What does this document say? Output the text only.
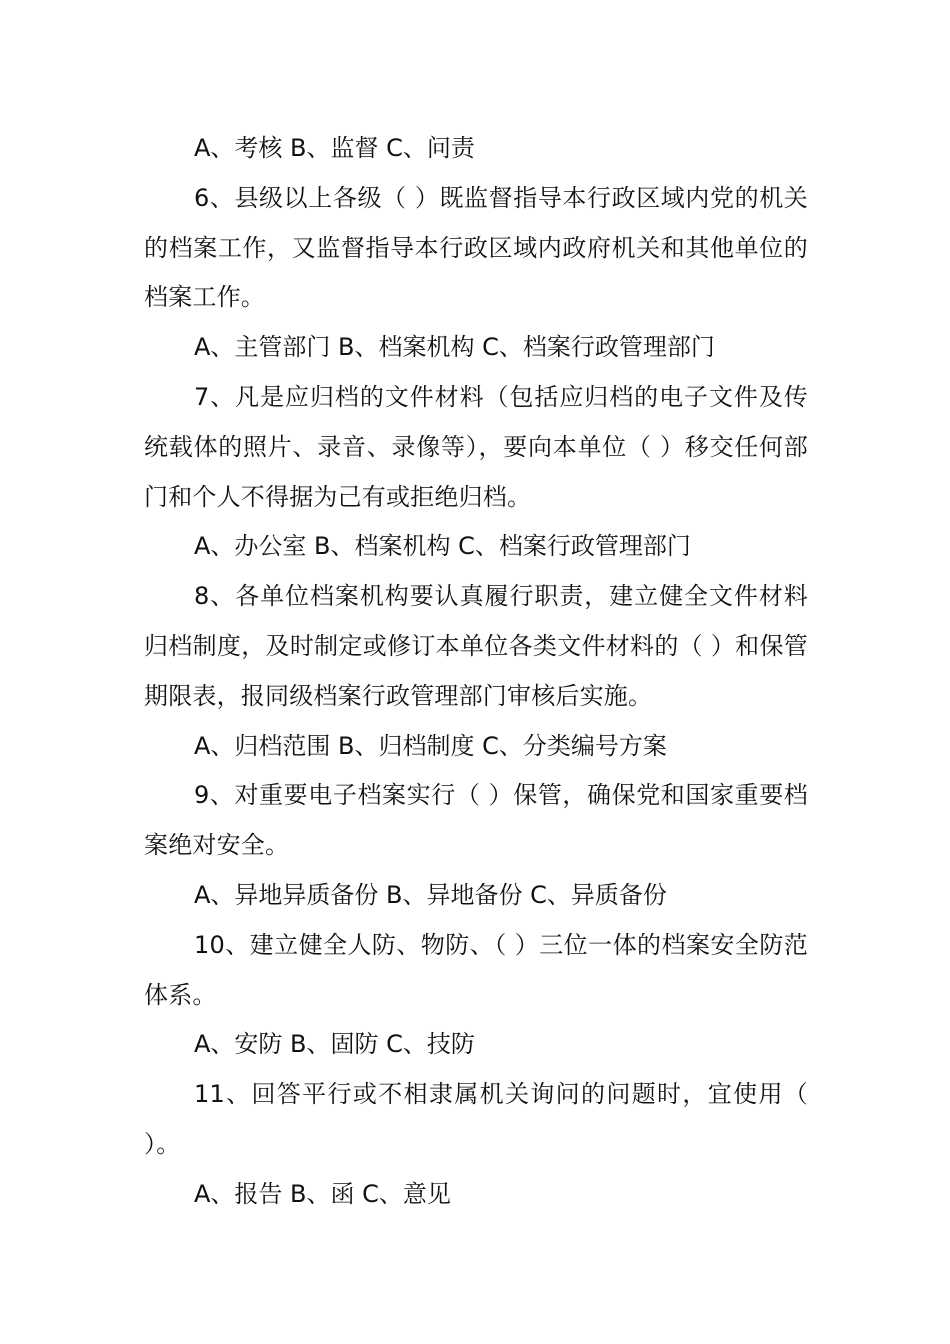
A、考核 B、监督 C、问责

6、县级以上各级（ ）既监督指导本行政区域内党的机关的档案工作，又监督指导本行政区域内政府机关和其他单位的档案工作。

A、主管部门 B、档案机构 C、档案行政管理部门

7、凡是应归档的文件材料（包括应归档的电子文件及传统载体的照片、录音、录像等），要向本单位（ ）移交任何部门和个人不得据为己有或拒绝归档。

A、办公室 B、档案机构 C、档案行政管理部门

8、各单位档案机构要认真履行职责，建立健全文件材料归档制度，及时制定或修订本单位各类文件材料的（ ）和保管期限表，报同级档案行政管理部门审核后实施。

A、归档范围 B、归档制度 C、分类编号方案

9、对重要电子档案实行（ ）保管，确保党和国家重要档案绝对安全。

A、异地异质备份 B、异地备份 C、异质备份

10、建立健全人防、物防、（ ）三位一体的档案安全防范体系。

A、安防 B、固防 C、技防

11、回答平行或不相隶属机关询问的问题时，宜使用（ ）。

A、报告 B、函 C、意见
